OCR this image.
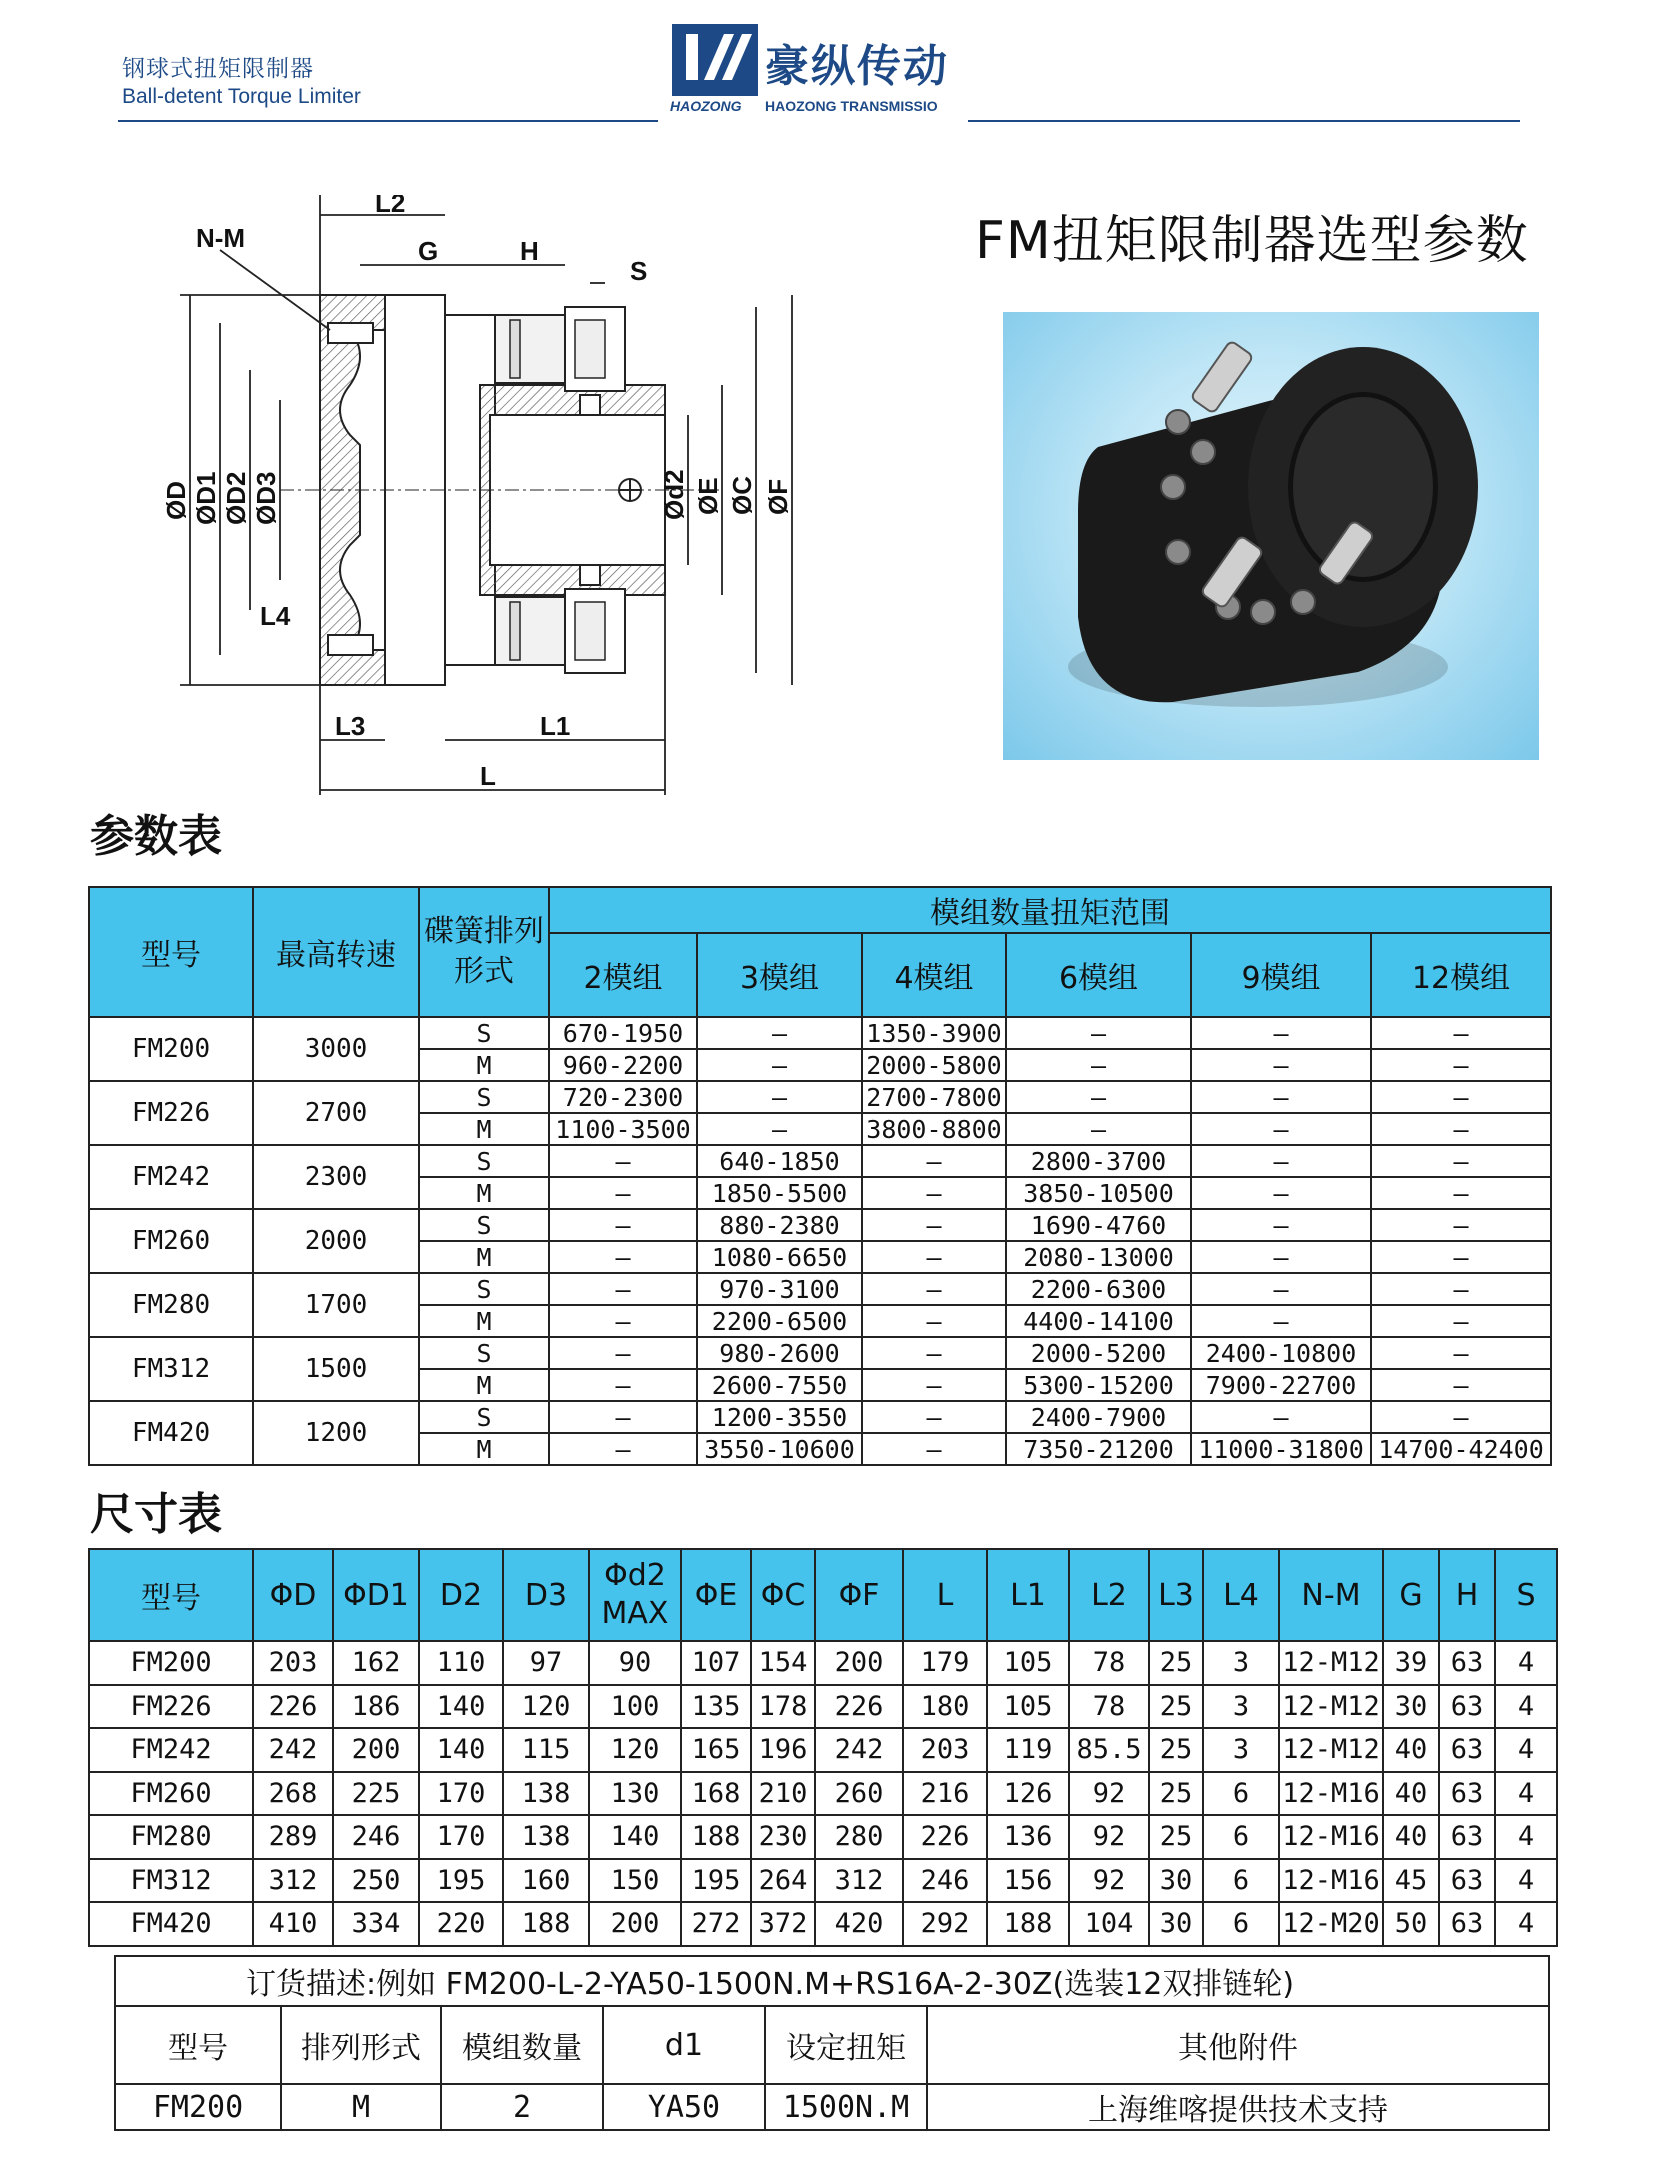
钢球式扭矩限制器
Ball-detent Torque Limiter
豪纵传动
HAOZONG HAOZONG TRANSMISSIO
N-M
L2
G	H
S
L4
L3	L1
L
ØD ØD1 ØD2 ØD3	Ød2 ØE ØC ØF
FM扭矩限制器选型参数
参数表
型号	最高转速	碟簧排列形式	模组数量扭矩范围					
			2模组	3模组	4模组	6模组	9模组	12模组
FM200	3000	S	670-1950	—	1350-3900	—	—	—
		M	960-2200	—	2000-5800	—	—	—
FM226	2700	S	720-2300	—	2700-7800	—	—	—
		M	1100-3500	—	3800-8800	—	—	—
FM242	2300	S	—	640-1850	—	2800-3700	—	—
		M	—	1850-5500	—	3850-10500	—	—
FM260	2000	S	—	880-2380	—	1690-4760	—	—
		M	—	1080-6650	—	2080-13000	—	—
FM280	1700	S	—	970-3100	—	2200-6300	—	—
		M	—	2200-6500	—	4400-14100	—	—
FM312	1500	S	—	980-2600	—	2000-5200	2400-10800	—
		M	—	2600-7550	—	5300-15200	7900-22700	—
FM420	1200	S	—	1200-3550	—	2400-7900	—	—
		M	—	3550-10600	—	7350-21200	11000-31800	14700-42400
尺寸表
型号	ΦD	ΦD1	D2	D3	Φd2
MAX	ΦE	ΦC	ΦF	L	L1	L2	L3	L4	N-M	G	H	S
FM200	203	162	110	97	90	107	154	200	179	105	78	25	3	12-M12	39	63	4
FM226	226	186	140	120	100	135	178	226	180	105	78	25	3	12-M12	30	63	4
FM242	242	200	140	115	120	165	196	242	203	119	85.5	25	3	12-M12	40	63	4
FM260	268	225	170	138	130	168	210	260	216	126	92	25	6	12-M16	40	63	4
FM280	289	246	170	138	140	188	230	280	226	136	92	25	6	12-M16	40	63	4
FM312	312	250	195	160	150	195	264	312	246	156	92	30	6	12-M16	45	63	4
FM420	410	334	220	188	200	272	372	420	292	188	104	30	6	12-M20	50	63	4
订货描述:例如 FM200-L-2-YA50-1500N.M+RS16A-2-30Z(选装12双排链轮)					
型号	排列形式	模组数量	d1	设定扭矩	其他附件
FM200	M	2	YA50	1500N.M	上海维喀提供技术支持
